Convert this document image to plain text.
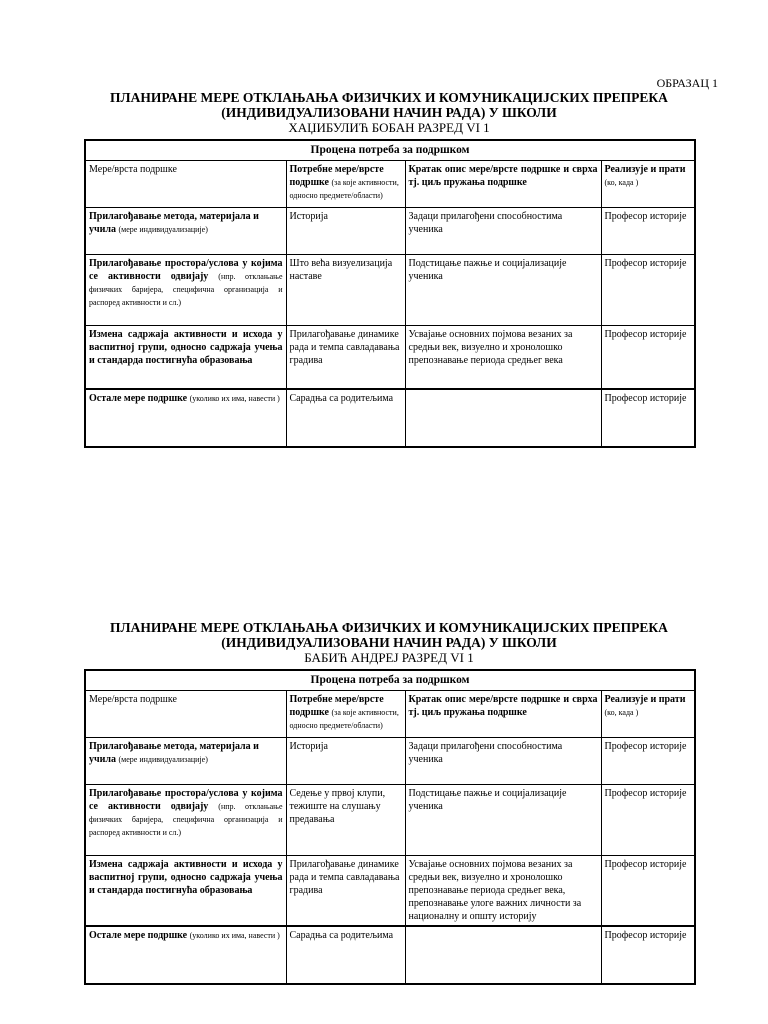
ОБРАЗАЦ 1

ПЛАНИРАНЕ МЕРЕ ОТКЛАЊАЊА ФИЗИЧКИХ И КОМУНИКАЦИЈСКИХ ПРЕПРЕКА

(ИНДИВИДУАЛИЗОВАНИ НАЧИН РАДА) У ШКОЛИ

ХАЏИБУЛИЋ БОБАН РАЗРЕД VI 1

Процена потреба за подршком			
Мере/врста подршке	Потребне мере/врсте подршке (за које активности, односно предмете/области)	Кратак опис мере/врсте подршке и сврха тј. циљ пружања подршке	Реализује и прати (ко, када )
Прилагођавање метода, материјала и учила (мере индивидуализације)	Историја	Задаци прилагођени способностима ученика	Професор историје
Прилагођавање простора/услова у којима се активности одвијају (нпр. отклањање физичких баријера, специфична организација и распоред активности и сл.)	Што већа визуелизација наставе	Подстицање пажње и социјализације ученика	Професор историје
Измена садржаја активности и исхода у васпитној групи, односно садржаја учења и стандарда постигнућа образовања	Прилагођавање динамике рада и темпа савладавања градива	Усвајање основних појмова везаних за средњи век, визуелно и хронолошко препознавање периода средњег века	Професор историје
Остале мере подршке (уколико их има, навести )	Сарадња са родитељима		Професор историје

ПЛАНИРАНЕ МЕРЕ ОТКЛАЊАЊА ФИЗИЧКИХ И КОМУНИКАЦИЈСКИХ ПРЕПРЕКА

(ИНДИВИДУАЛИЗОВАНИ НАЧИН РАДА) У ШКОЛИ

БАБИЋ АНДРЕЈ РАЗРЕД VI 1

Процена потреба за подршком			
Мере/врста подршке	Потребне мере/врсте подршке (за које активности, односно предмете/области)	Кратак опис мере/врсте подршке и сврха тј. циљ пружања подршке	Реализује и прати (ко, када )
Прилагођавање метода, материјала и учила (мере индивидуализације)	Историја	Задаци прилагођени способностима ученика	Професор историје
Прилагођавање простора/услова у којима се активности одвијају (нпр. отклањање физичких баријера, специфична организација и распоред активности и сл.)	Седење у првој клупи, тежиште на слушању предавања	Подстицање пажње и социјализације ученика	Професор историје
Измена садржаја активности и исхода у васпитној групи, односно садржаја учења и стандарда постигнућа образовања	Прилагођавање динамике рада и темпа савладавања градива	Усвајање основних појмова везаних за средњи век, визуелно и хронолошко препознавање периода средњег века, препознавање улоге важних личности за националну и општу историју	Професор историје
Остале мере подршке (уколико их има, навести )	Сарадња са родитељима		Професор историје
